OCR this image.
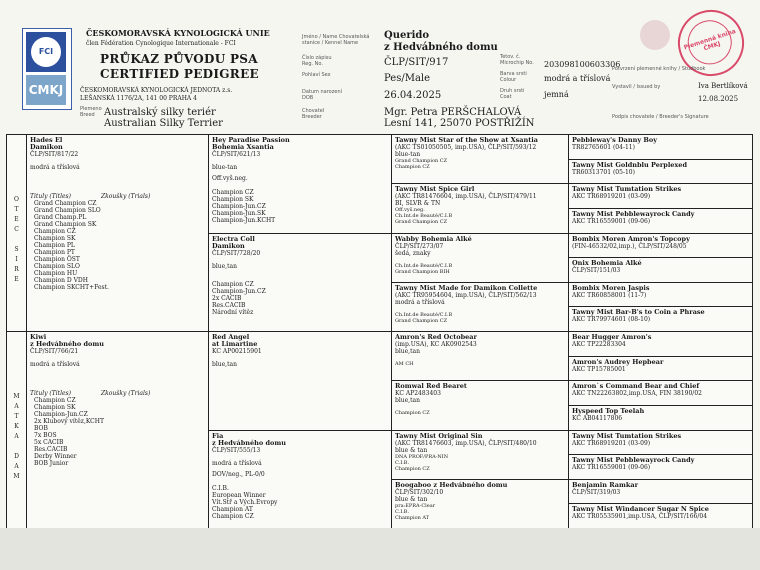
FCI
CMKJ
ČESKOMORAVSKÁ KYNOLOGICKÁ UNIE
člen Fédération Cynologique Internationale - FCI
PRŮKAZ PŮVODU PSA
CERTIFIED PEDIGREE
ČESKOMORAVSKÁ KYNOLOGICKÁ JEDNOTA z.s.
LEŠANSKÁ 1176/2A, 141 00 PRAHA 4
Plemeno Breed Australský silky teriér
Australian Silky Terrier
Jméno / Name Chovatelská stanice / Kennel Name
Querido
z Hedvábného domu
Číslo zápisu Reg. No.	ČLP/SIT/917
Pohlaví Sex	Pes/Male
Datum narození DOB	26.04.2025
Chovatel Breeder	Mgr. Petra PERŠCHALOVÁ
Lesní 141, 25070 POSTŘIŽÍN
Tetov. č. Microchip No.	203098100603306
Barva srsti Colour	modrá a tříslová
Druh srsti Coat	jemná
Plemenná kniha ČMKJ
Potvrzení plemenné knihy / Studbook
Vystavil / Issued by	Iva Bertlíková
12.08.2025
Podpis chovatele / Breeder's Signature
O
T
E
C

S
I
R
E
M
A
T
K
A

D
A
M
Hades El
Damikon
ČLP/SIT/817/22
modrá a tříslová
Tituly (Titles)	Zkoušky (Trials)
Grand Champion CZ
Grand Champion SLO
Grand Champ.PL
Grand Champion SK
Champion CZ
Champion SK
Champion PL
Champion PT
Champion ÖST
Champion SLO
Champion HU
Champion D VDH
Champion SKCHT+Fest.
Kiwi
z Hedvábného domu
ČLP/SIT/766/21
modrá a tříslová
Tituly (Titles)	Zkoušky (Trials)
Champion CZ
Champion SK
Champion-Jun.CZ
2x Klubový vítěz,KCHT
BOB
7x BOS
5x CACIB
Res.CACIB
Derby Winner
BOB Junior
Hey Paradise Passion
Bohemia Xsantia
ČLP/SIT/621/13
blue-tan
Off.vyš.neg.

Champion CZ
Champion SK
Champion-Jun.CZ
Champion-Jun.SK
Champion-Jun.KCHT
Electra Coll
Damikon
ČLP/SIT/728/20
blue,tan

Champion CZ
Champion-Jun.CZ
2x CACIB
Res.CACIB
Národní vítěz
Red Angel
at Limartine
KC AP00215901
blue,tan
Fia
z Hedvábného domu
ČLP/SIT/555/13
modrá a tříslová
DOV/neg., PL-0/0

C.I.B.
European Winner
Vít.Stř a Vých.Evropy
Champion AT
Champion CZ
Tawny Mist Star of the Show at Xsantia
(AKC TS01050505, imp.USA), ČLP/SIT/593/12
blue-tan
Grand Champion CZ
Champion CZ
Tawny Mist Spice Girl
(AKC TR81476604, imp.USA), ČLP/SIT/479/11
BI, SLVR & TN
Off.vyš.neg.
Ch.Int.de Beauté/C.I.B
Grand Champion CZ
Wabby Bohemia Alké
ČLP/SIT/273/07
šedá, znaky

Ch.Int.de Beauté/C.I.B
Grand Champion BIH
Tawny Mist Made for Damikon Collette
(AKC TR95954604, imp.USA), ČLP/SIT/562/13
modrá a tříslová

Ch.Int.de Beauté/C.I.B
Grand Champion CZ
Amron's Red Octobear
(imp.USA), KC AK0902543
blue,tan

AM CH
Romwal Red Bearet
KC AP2483403
blue,tan

Champion CZ
Tawny Mist Original Sin
(AKC TR81476603, imp.USA), ČLP/SIT/480/10
blue & tan
DNA PROF/PRA-NIN
C.I.B.
Champion CZ
Boogaboo z Hedvábného domu
ČLP/SIT/302/10
blue & tan
pra:EPRA-Clear
C.I.B.
Champion AT
Pebbleway's Danny Boy
TR82765601 (04-11)
Tawny Mist Goldnblu Perplexed
TR60313701 (05-10)
Tawny Mist Tumtation Strikes
AKC TR68919201 (03-09)
Tawny Mist Pebblewayrock Candy
AKC TR16559001 (09-06)
Bombix Moren Amron's Topcopy
(FIN-46532/02,imp.), ČLP/SIT/248/05
Onix Bohemia Alké
ČLP/SIT/151/03
Bombix Moren Jaspis
AKC TR60858001 (11-7)
Tawny Mist Bar-B's to Coin a Phrase
AKC TR79974601 (08-10)
Bear Hugger Amron's
AKC TP22283304
Amron's Audrey Hepbear
AKC TP15785001
Amron`s Command Bear and Chief
AKC TN22263802,imp.USA, FIN 38190/02
Hyspeed Top Teelah
KC AB04117806
Tawny Mist Tumtation Strikes
AKC TR68919201 (03-09)
Tawny Mist Pebblewayrock Candy
AKC TR16559001 (09-06)
Benjamin Ramkar
ČLP/SIT/319/03
Tawny Mist Windancer Sugar N Spice
AKC TR05535901,imp.USA, ČLP/SIT/166/04
